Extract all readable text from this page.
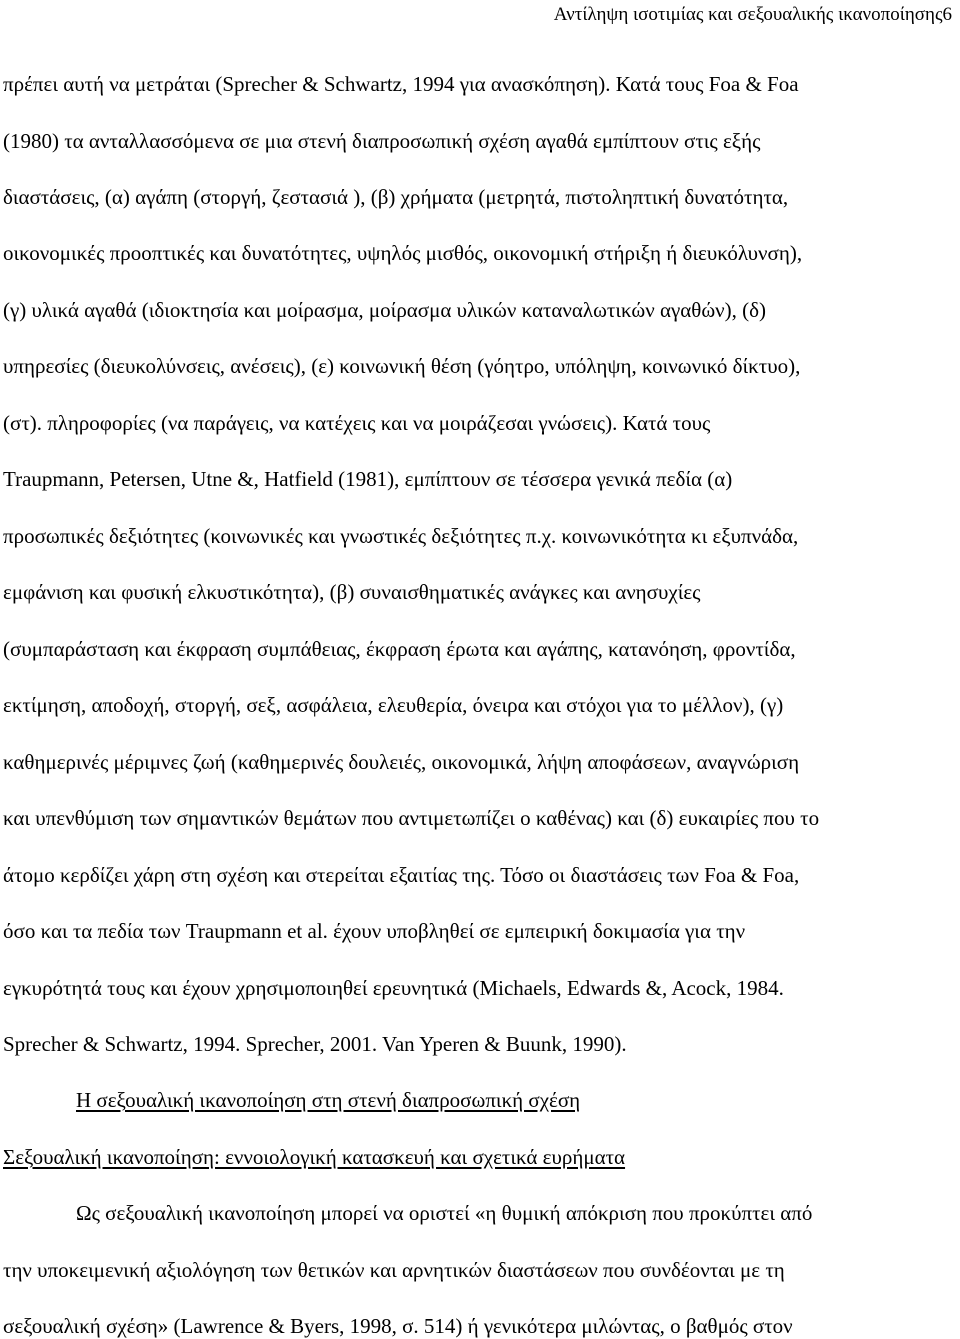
Αντίληψη ισοτιμίας και σεξουαλικής ικανοποίησης6
πρέπει αυτή να μετράται (Sprecher & Schwartz, 1994 για ανασκόπηση). Κατά τους Foa & Foa
(1980) τα ανταλλασσόμενα σε μια στενή διαπροσωπική σχέση αγαθά εμπίπτουν στις εξής
διαστάσεις, (α) αγάπη (στοργή, ζεστασιά ), (β) χρήματα (μετρητά, πιστοληπτική δυνατότητα,
οικονομικές προοπτικές και δυνατότητες, υψηλός μισθός, οικονομική στήριξη ή διευκόλυνση),
(γ) υλικά αγαθά (ιδιοκτησία και μοίρασμα, μοίρασμα υλικών καταναλωτικών αγαθών), (δ)
υπηρεσίες (διευκολύνσεις, ανέσεις), (ε) κοινωνική θέση (γόητρο, υπόληψη, κοινωνικό δίκτυο),
(στ). πληροφορίες (να παράγεις, να κατέχεις και να μοιράζεσαι γνώσεις). Κατά τους
Traupmann, Petersen, Utne &, Hatfield (1981), εμπίπτουν σε τέσσερα γενικά πεδία (α)
προσωπικές δεξιότητες (κοινωνικές και γνωστικές δεξιότητες π.χ. κοινωνικότητα κι εξυπνάδα,
εμφάνιση και φυσική ελκυστικότητα), (β) συναισθηματικές ανάγκες και ανησυχίες
(συμπαράσταση και έκφραση συμπάθειας, έκφραση έρωτα και αγάπης, κατανόηση, φροντίδα,
εκτίμηση, αποδοχή, στοργή, σεξ, ασφάλεια, ελευθερία, όνειρα και στόχοι για το μέλλον), (γ)
καθημερινές μέριμνες ζωή (καθημερινές δουλειές, οικονομικά, λήψη αποφάσεων, αναγνώριση
και υπενθύμιση των σημαντικών θεμάτων που αντιμετωπίζει ο καθένας) και (δ) ευκαιρίες που το
άτομο κερδίζει χάρη στη σχέση και στερείται εξαιτίας της. Τόσο οι διαστάσεις των Foa & Foa,
όσο και τα πεδία των Traupmann et al. έχουν υποβληθεί σε εμπειρική δοκιμασία για την
εγκυρότητά τους και έχουν χρησιμοποιηθεί ερευνητικά (Michaels, Edwards &, Acock, 1984.
Sprecher & Schwartz, 1994. Sprecher, 2001. Van Yperen & Buunk, 1990).
Η σεξουαλική ικανοποίηση στη στενή διαπροσωπική σχέση
Σεξουαλική ικανοποίηση: εννοιολογική κατασκευή και σχετικά ευρήματα
Ως σεξουαλική ικανοποίηση μπορεί να οριστεί «η θυμική απόκριση που προκύπτει από
την υποκειμενική αξιολόγηση των θετικών και αρνητικών διαστάσεων που συνδέονται με τη
σεξουαλική σχέση» (Lawrence & Byers, 1998, σ. 514) ή γενικότερα μιλώντας, ο βαθμός στον
